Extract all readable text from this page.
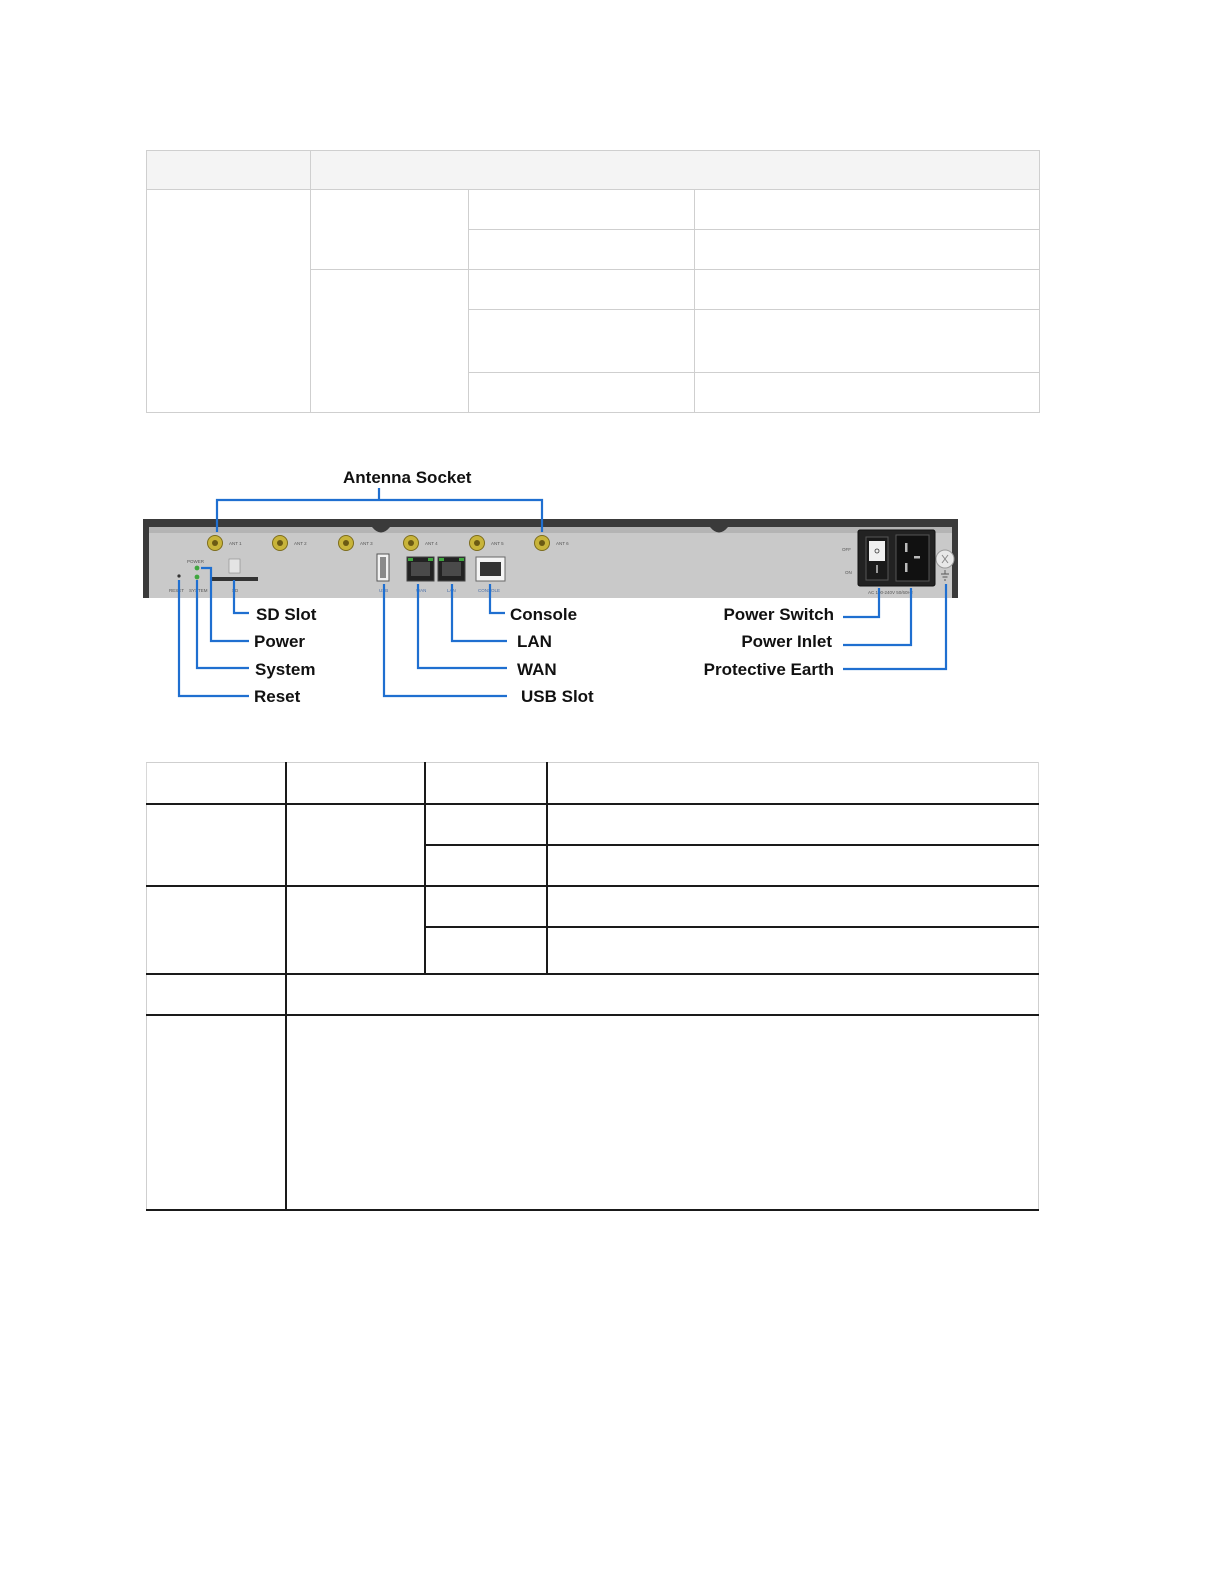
ANT 1	ANT 2	ANT 3	ANT 4	ANT 5	ANT 6
POWER
RESET SYSTEM	SD	USB	WAN	LAN	CONSOLE
OFF
ON
AC 100-240V 50/60Hz
Antenna Socket
SD Slot
Power
System
Reset
Console
LAN
WAN
USB Slot
Power Switch
Power Inlet
Protective Earth
